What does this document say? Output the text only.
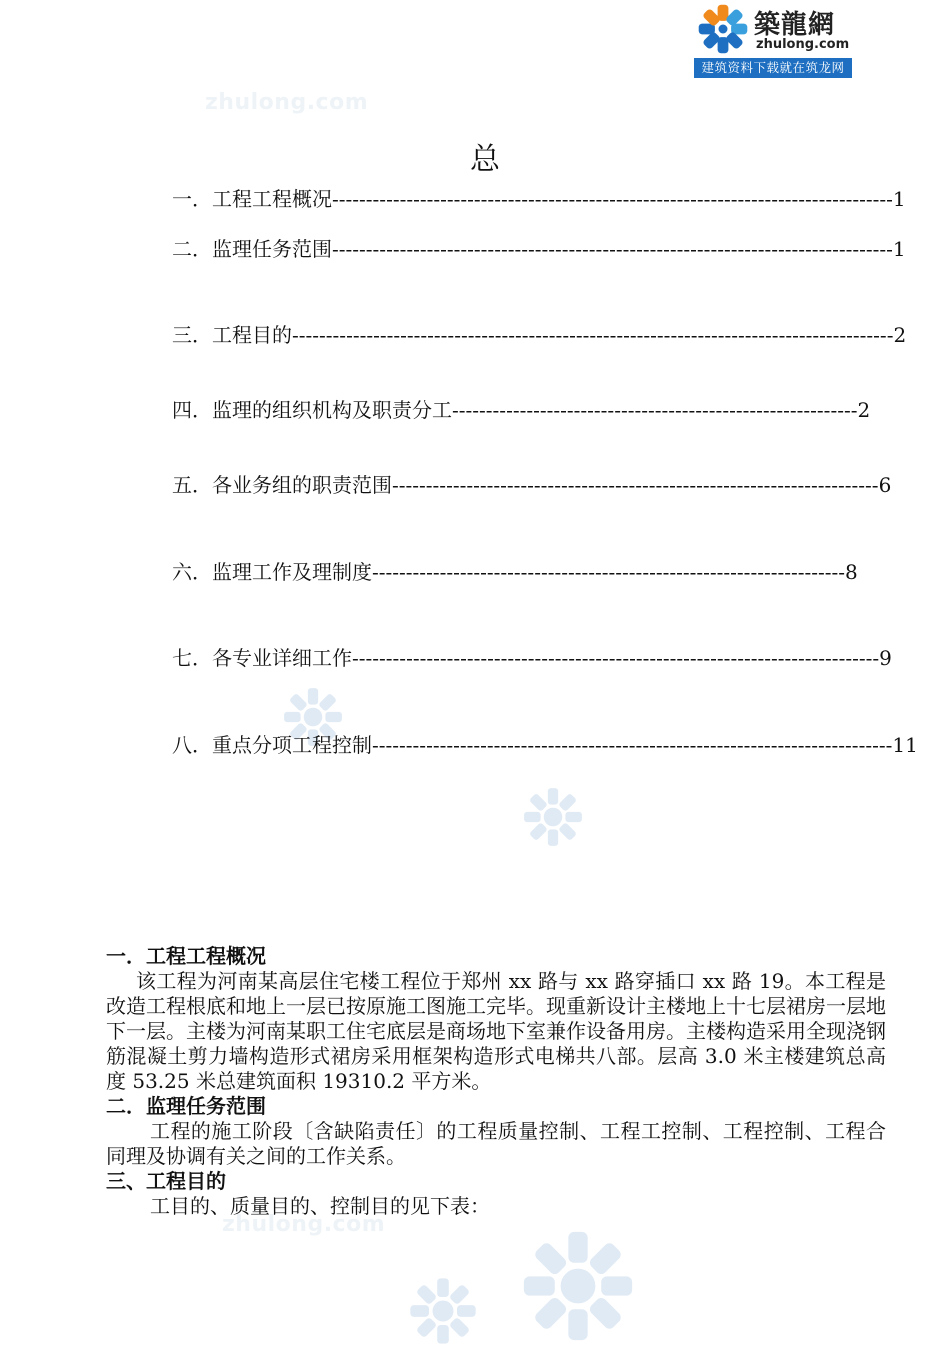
zhulong.com
zhulong.com
築龍網
zhulong.com
建筑资料下载就在筑龙网
总
一．工程工程概况 ----------------------------------------------------------------------------------- 1
二．监理任务范围 ----------------------------------------------------------------------------------- 1
三．工程目的 ----------------------------------------------------------------------------------------- 2
四．监理的组织机构及职责分工 ------------------------------------------------------------ 2
五．各业务组的职责范围 ------------------------------------------------------------------------ 6
六．监理工作及理制度 ---------------------------------------------------------------------- 8
七．各专业详细工作 ------------------------------------------------------------------------------ 9
八．重点分项工程控制 ----------------------------------------------------------------------------- 11
一．工程工程概况

该工程为河南某高层住宅楼工程位于郑州 xx 路与 xx 路穿插口 xx 路 19。本工程是改造工程根底和地上一层已按原施工图施工完毕。现重新设计主楼地上十七层裙房一层地下一层。主楼为河南某职工住宅底层是商场地下室兼作设备用房。主楼构造采用全现浇钢筋混凝土剪力墙构造形式裙房采用框架构造形式电梯共八部。层高 3.0 米主楼建筑总高度 53.25 米总建筑面积 19310.2 平方米。

二．监理任务范围

工程的施工阶段〔含缺陷责任〕的工程质量控制、工程工控制、工程控制、工程合同理及协调有关之间的工作关系。

三、工程目的

工目的、质量目的、控制目的见下表：
